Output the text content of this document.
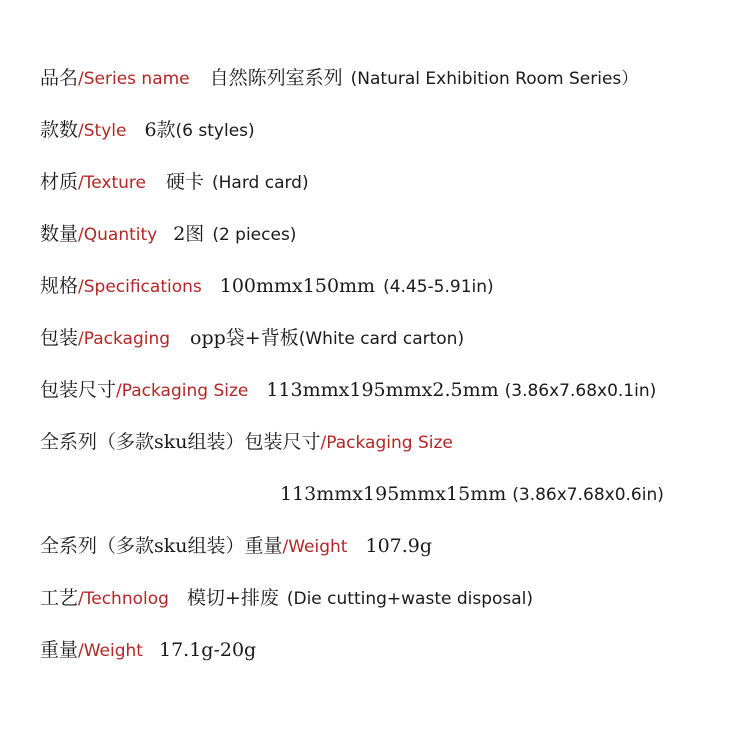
品名/Series name 自然陈列室系列 (Natural Exhibition Room Series）
款数/Style 6款(6 styles)
材质/Texture 硬卡 (Hard card)
数量/Quantity 2图 (2 pieces)
规格/Specifications 100mmx150mm (4.45-5.91in)
包装/Packaging opp袋+背板(White card carton)
包装尺寸/Packaging Size 113mmx195mmx2.5mm (3.86x7.68x0.1in)
全系列（多款sku组装）包装尺寸/Packaging Size
113mmx195mmx15mm (3.86x7.68x0.6in)
全系列（多款sku组装）重量/Weight 107.9g
工艺/Technolog 模切+排废 (Die cutting+waste disposal)
重量/Weight 17.1g-20g
